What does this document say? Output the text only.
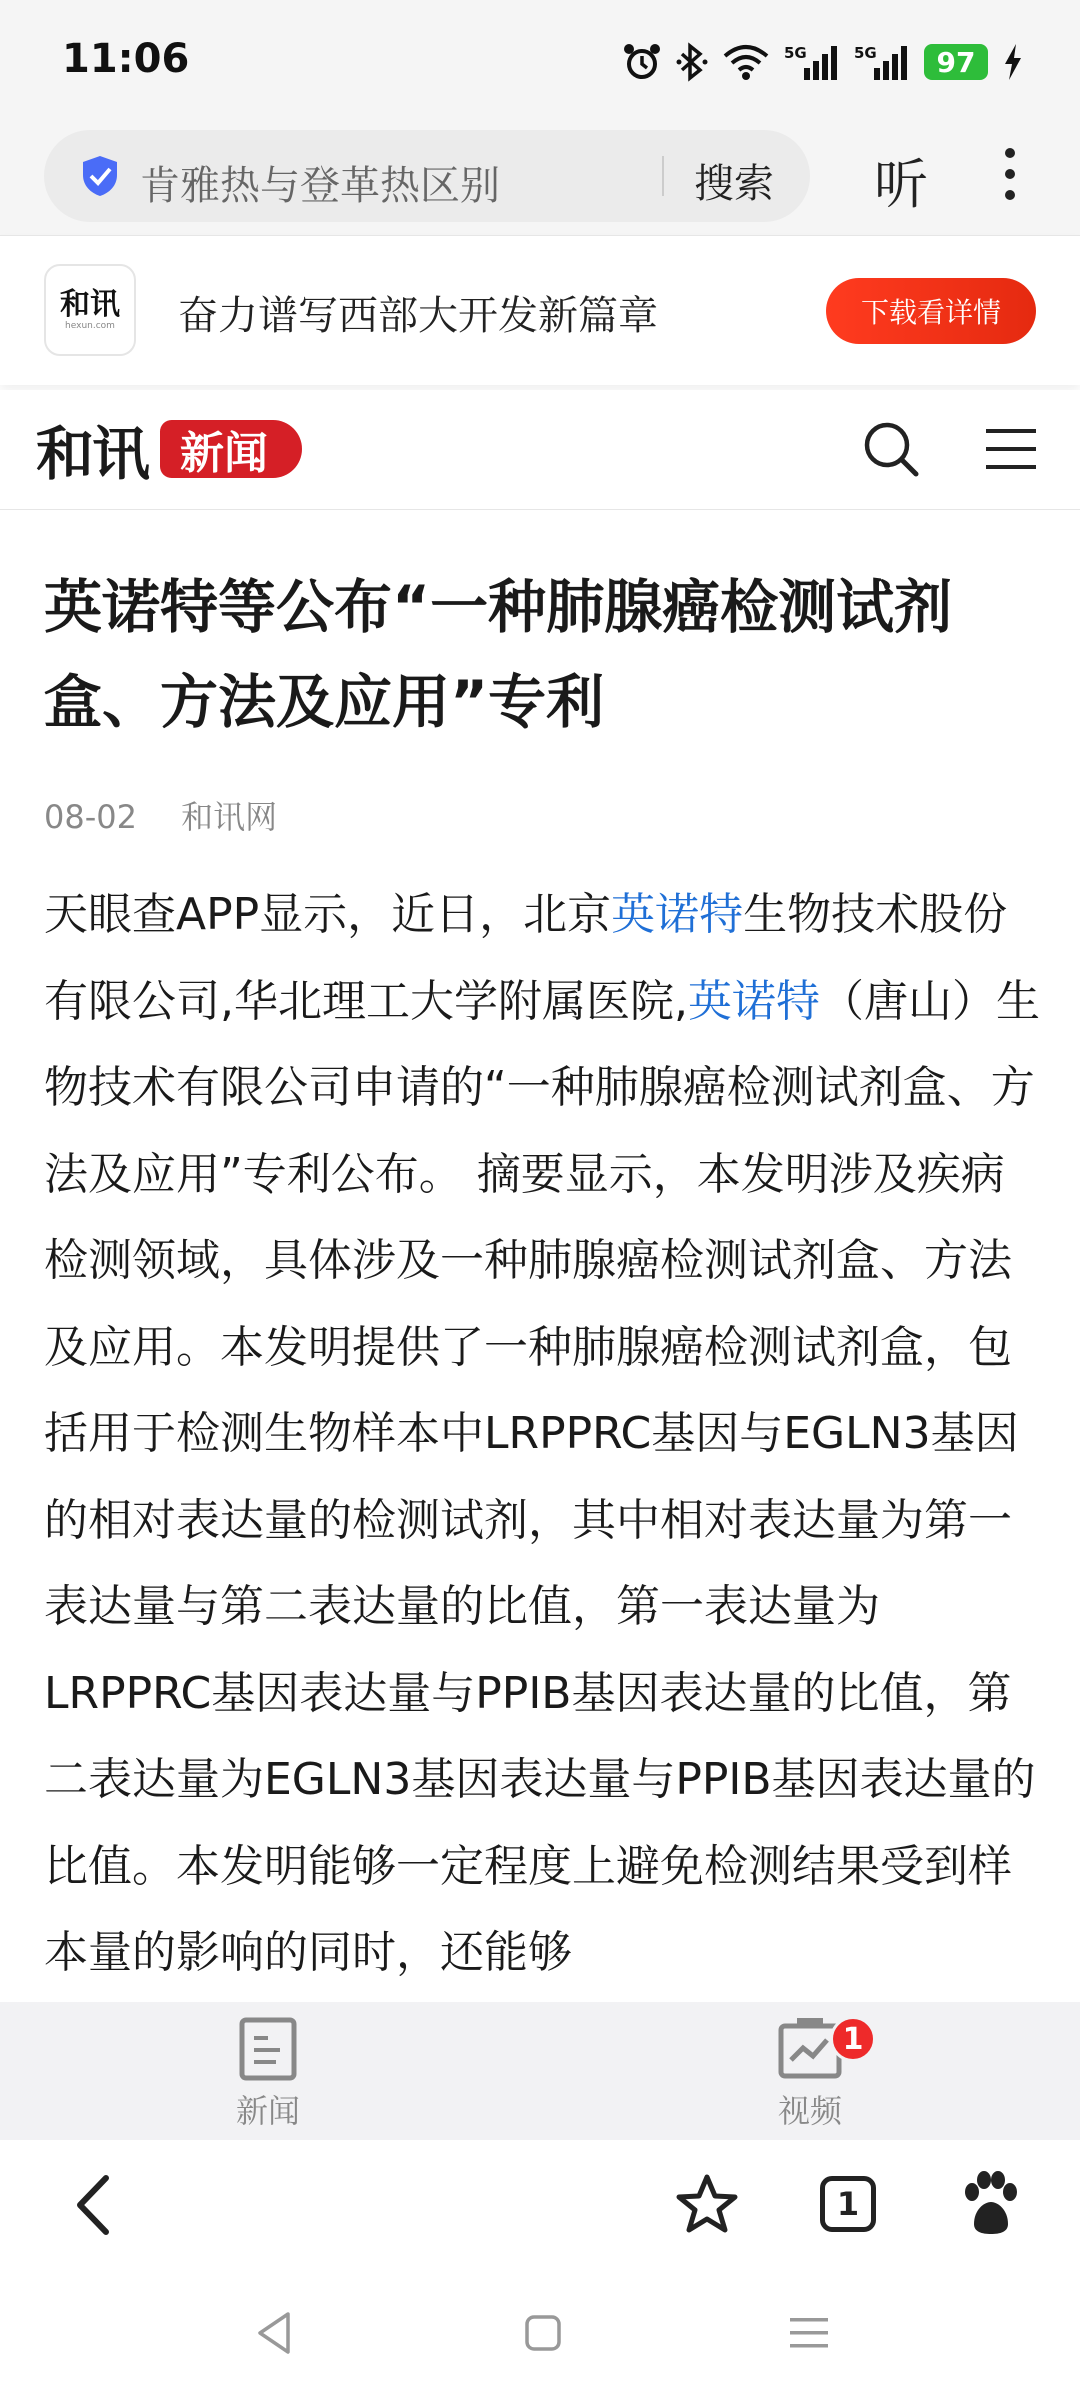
11:06	5G	5G	97
肯雅热与登革热区别	搜索 听
和讯
hexun.com 奋力谱写西部大开发新篇章	下载看详情
和讯 新闻
英诺特等公布“一种肺腺癌检测试剂盒、方法及应用”专利
08-02 和讯网

天眼查APP显示，近日，北京英诺特生物技术股份有限公司,华北理工大学附属医院,英诺特（唐山）生物技术有限公司申请的“一种肺腺癌检测试剂盒、方法及应用”专利公布。 摘要显示，本发明涉及疾病检测领域，具体涉及一种肺腺癌检测试剂盒、方法及应用。本发明提供了一种肺腺癌检测试剂盒，包括用于检测生物样本中LRPPRC基因与EGLN3基因的相对表达量的检测试剂，其中相对表达量为第一表达量与第二表达量的比值，第一表达量为LRPPRC基因表达量与PPIB基因表达量的比值，第二表达量为EGLN3基因表达量与PPIB基因表达量的比值。本发明能够一定程度上避免检测结果受到样本量的影响的同时，还能够

新闻	视频
1
1
